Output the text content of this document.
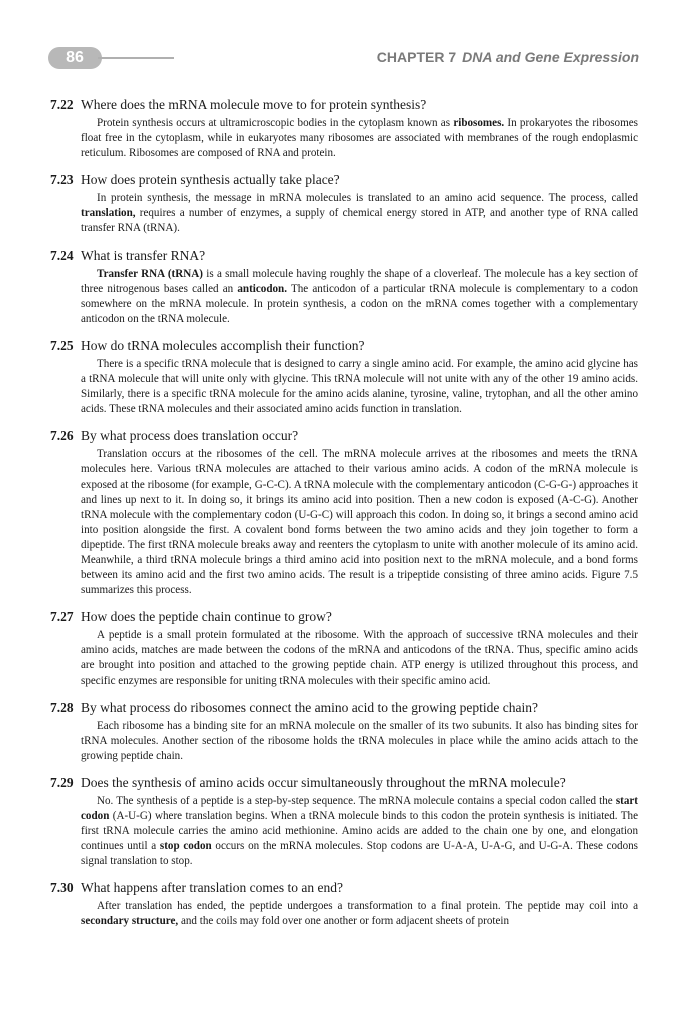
86	CHAPTER 7 DNA and Gene Expression
7.22 Where does the mRNA molecule move to for protein synthesis?
Protein synthesis occurs at ultramicroscopic bodies in the cytoplasm known as ribosomes. In prokaryotes the ribosomes float free in the cytoplasm, while in eukaryotes many ribosomes are associated with membranes of the rough endoplasmic reticulum. Ribosomes are composed of RNA and protein.
7.23 How does protein synthesis actually take place?
In protein synthesis, the message in mRNA molecules is translated to an amino acid sequence. The process, called translation, requires a number of enzymes, a supply of chemical energy stored in ATP, and another type of RNA called transfer RNA (tRNA).
7.24 What is transfer RNA?
Transfer RNA (tRNA) is a small molecule having roughly the shape of a cloverleaf. The molecule has a key section of three nitrogenous bases called an anticodon. The anticodon of a particular tRNA molecule is complementary to a codon somewhere on the mRNA molecule. In protein synthesis, a codon on the mRNA comes together with a complementary anticodon on the tRNA molecule.
7.25 How do tRNA molecules accomplish their function?
There is a specific tRNA molecule that is designed to carry a single amino acid. For example, the amino acid glycine has a tRNA molecule that will unite only with glycine. This tRNA molecule will not unite with any of the other 19 amino acids. Similarly, there is a specific tRNA molecule for the amino acids alanine, tyrosine, valine, trytophan, and all the other amino acids. These tRNA molecules and their associated amino acids function in translation.
7.26 By what process does translation occur?
Translation occurs at the ribosomes of the cell. The mRNA molecule arrives at the ribosomes and meets the tRNA molecules here. Various tRNA molecules are attached to their various amino acids. A codon of the mRNA molecule is exposed at the ribosome (for example, G-C-C). A tRNA molecule with the complementary anticodon (C-G-G-) approaches it and lines up next to it. In doing so, it brings its amino acid into position. Then a new codon is exposed (A-C-G). Another tRNA molecule with the complementary codon (U-G-C) will approach this codon. In doing so, it brings a second amino acid into position alongside the first. A covalent bond forms between the two amino acids and they join together to form a dipeptide. The first tRNA molecule breaks away and reenters the cytoplasm to unite with another molecule of its amino acid. Meanwhile, a third tRNA molecule brings a third amino acid into position next to the mRNA molecule, and a bond forms between its amino acid and the first two amino acids. The result is a tripeptide consisting of three amino acids. Figure 7.5 summarizes this process.
7.27 How does the peptide chain continue to grow?
A peptide is a small protein formulated at the ribosome. With the approach of successive tRNA molecules and their amino acids, matches are made between the codons of the mRNA and anticodons of the tRNA. Thus, specific amino acids are brought into position and attached to the growing peptide chain. ATP energy is utilized throughout this process, and specific enzymes are responsible for uniting tRNA molecules with their specific amino acid.
7.28 By what process do ribosomes connect the amino acid to the growing peptide chain?
Each ribosome has a binding site for an mRNA molecule on the smaller of its two subunits. It also has binding sites for tRNA molecules. Another section of the ribosome holds the tRNA molecules in place while the amino acids attach to the growing peptide chain.
7.29 Does the synthesis of amino acids occur simultaneously throughout the mRNA molecule?
No. The synthesis of a peptide is a step-by-step sequence. The mRNA molecule contains a special codon called the start codon (A-U-G) where translation begins. When a tRNA molecule binds to this codon the protein synthesis is initiated. The first tRNA molecule carries the amino acid methionine. Amino acids are added to the chain one by one, and elongation continues until a stop codon occurs on the mRNA molecules. Stop codons are U-A-A, U-A-G, and U-G-A. These codons signal translation to stop.
7.30 What happens after translation comes to an end?
After translation has ended, the peptide undergoes a transformation to a final protein. The peptide may coil into a secondary structure, and the coils may fold over one another or form adjacent sheets of protein
